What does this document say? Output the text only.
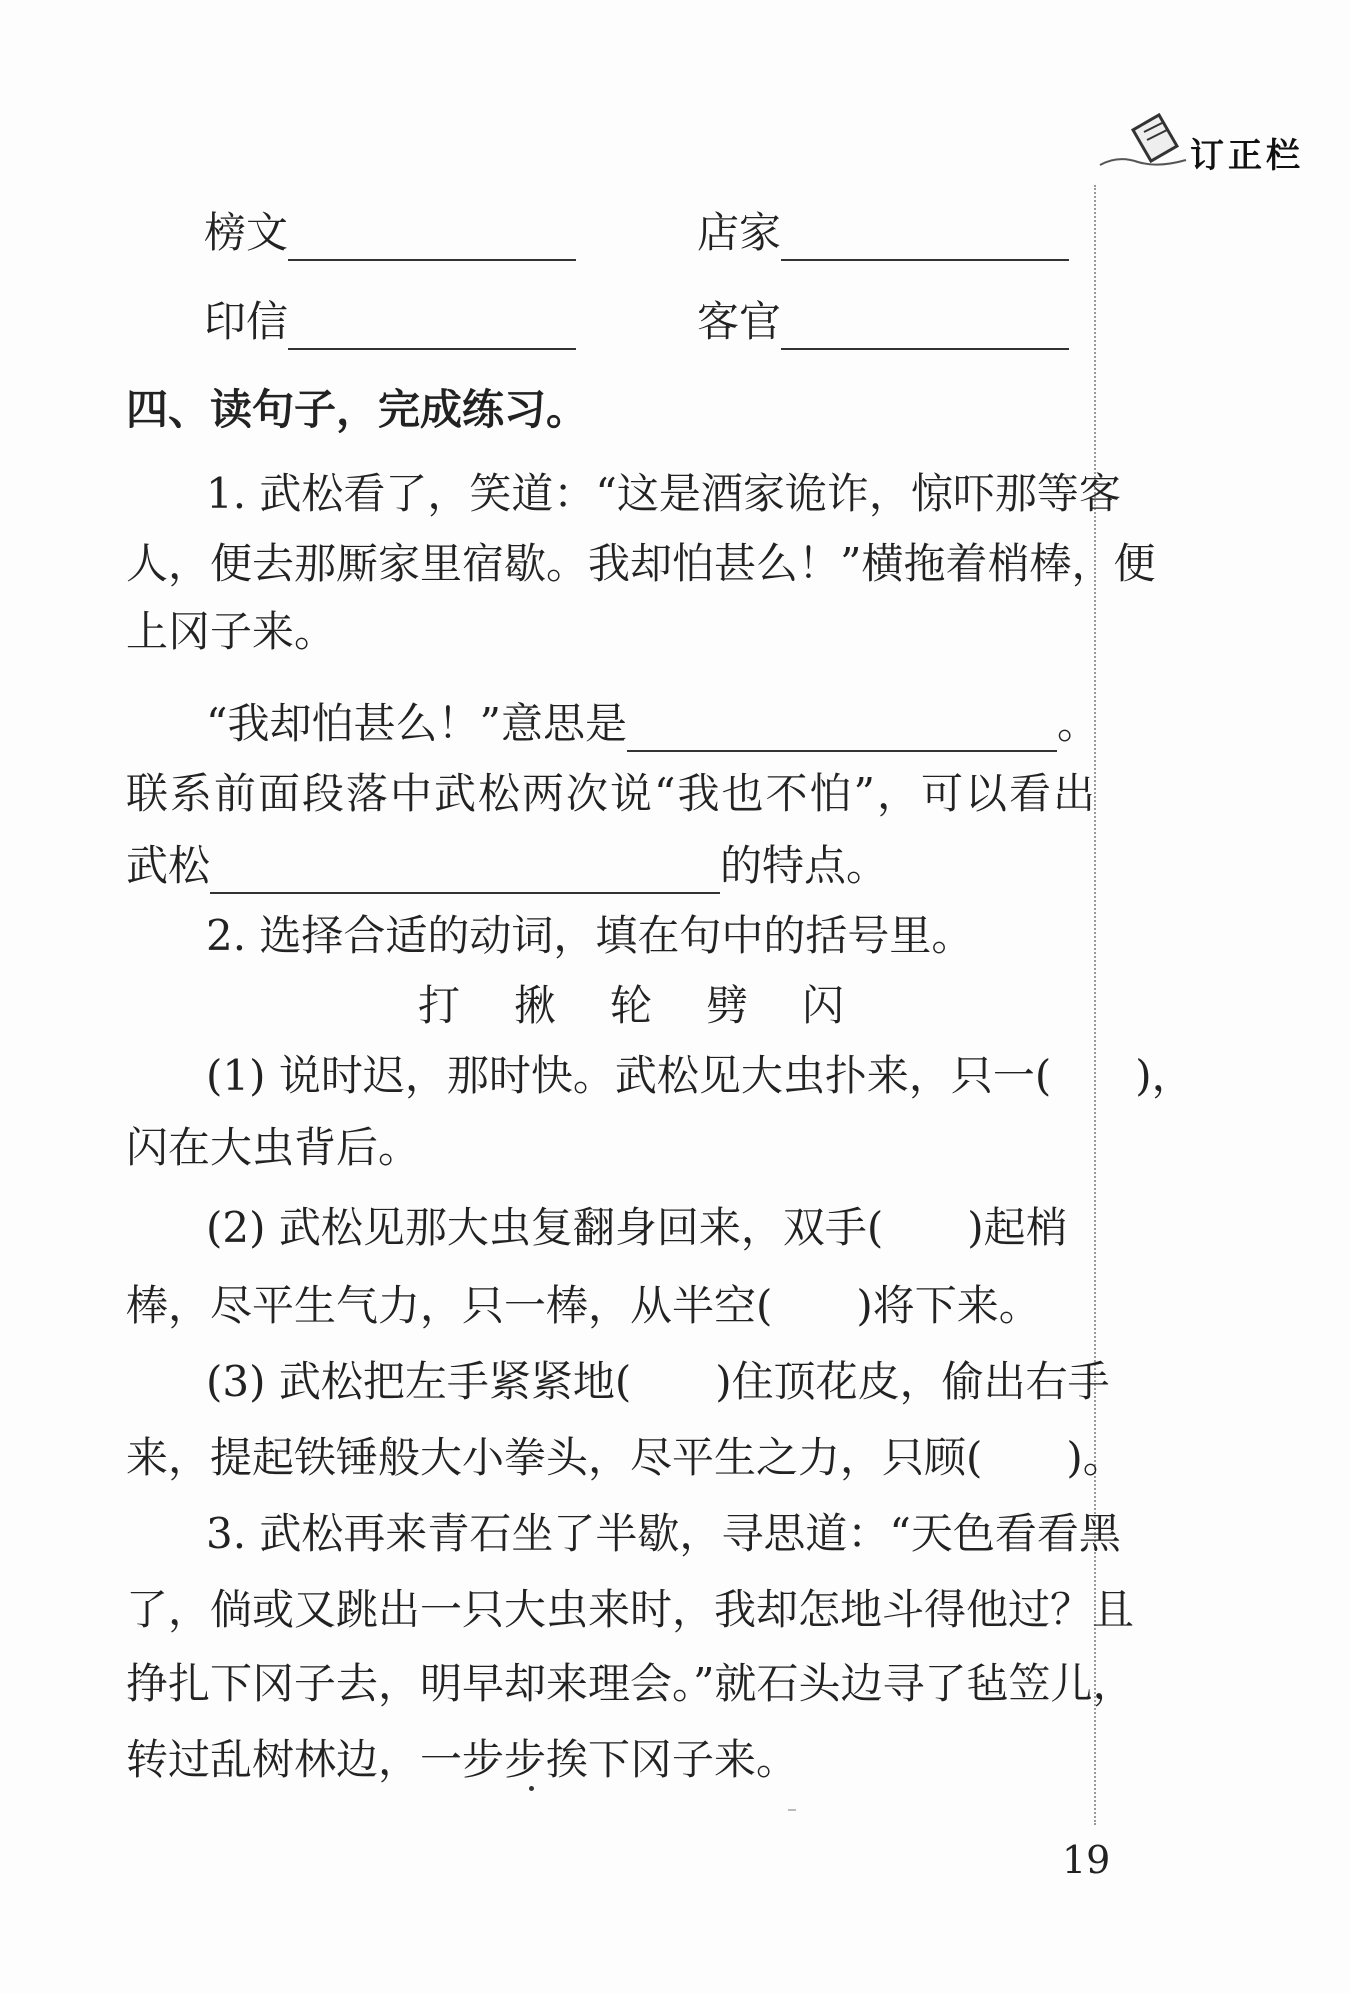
订正栏
榜文	店家
印信	客官
四、读句子，完成练习。
1. 武松看了，笑道：“这是酒家诡诈，惊吓那等客
人，便去那厮家里宿歇。我却怕甚么！”横拖着梢棒，便
上冈子来。
“我却怕甚么！”意思是	。
联系前面段落中武松两次说“我也不怕”，可以看出
武松	的特点。
2. 选择合适的动词，填在句中的括号里。
打　揪　轮　劈　闪
(1) 说时迟，那时快。武松见大虫扑来，只一(　　)，
闪在大虫背后。
(2) 武松见那大虫复翻身回来，双手(　　)起梢
棒，尽平生气力，只一棒，从半空(　　)将下来。
(3) 武松把左手紧紧地(　　)住顶花皮，偷出右手
来，提起铁锤般大小拳头，尽平生之力，只顾(　　)。
3. 武松再来青石坐了半歇，寻思道：“天色看看黑
了，倘或又跳出一只大虫来时，我却怎地斗得他过？且
挣扎下冈子去，明早却来理会。”就石头边寻了毡笠儿，
转过乱树林边，一步步挨下冈子来。
19
